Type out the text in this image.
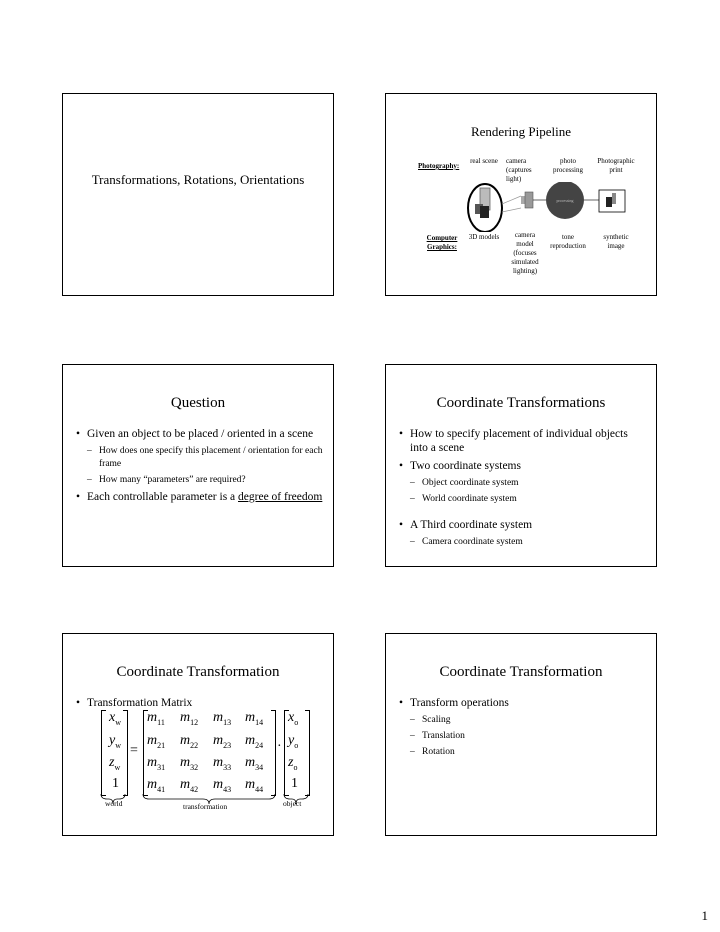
Transformations, Rotations, Orientations
Rendering Pipeline
Photography:
Computer Graphics:
real scene	camera (captures light)
photo processing
Photographic print
processing
3D models	camera model (focuses simulated lighting)
tone reproduction
synthetic image
Question
• Given an object to be placed / oriented in a scene
– How does one specify this placement / orientation for each frame
– How many “parameters” are required?
• Each controllable parameter is a degree of freedom
Coordinate Transformations
• How to specify placement of individual objects into a scene
• Two coordinate systems
– Object coordinate system
– World coordinate system
• A Third coordinate system
– Camera coordinate system
Coordinate Transformation
• Transformation Matrix
$x_w$
$y_w$
$z_w$
1
=
$m_{11}$ $m_{12}$ $m_{13}$ $m_{14}$
$m_{21}$ $m_{22}$ $m_{23}$ $m_{24}$
$m_{31}$ $m_{32}$ $m_{33}$ $m_{34}$
$m_{41}$ $m_{42}$ $m_{43}$ $m_{44}$
·
$x_o$
$y_o$
$z_o$
1
world	transformation	object
Coordinate Transformation
• Transform operations
– Scaling
– Translation
– Rotation
1
